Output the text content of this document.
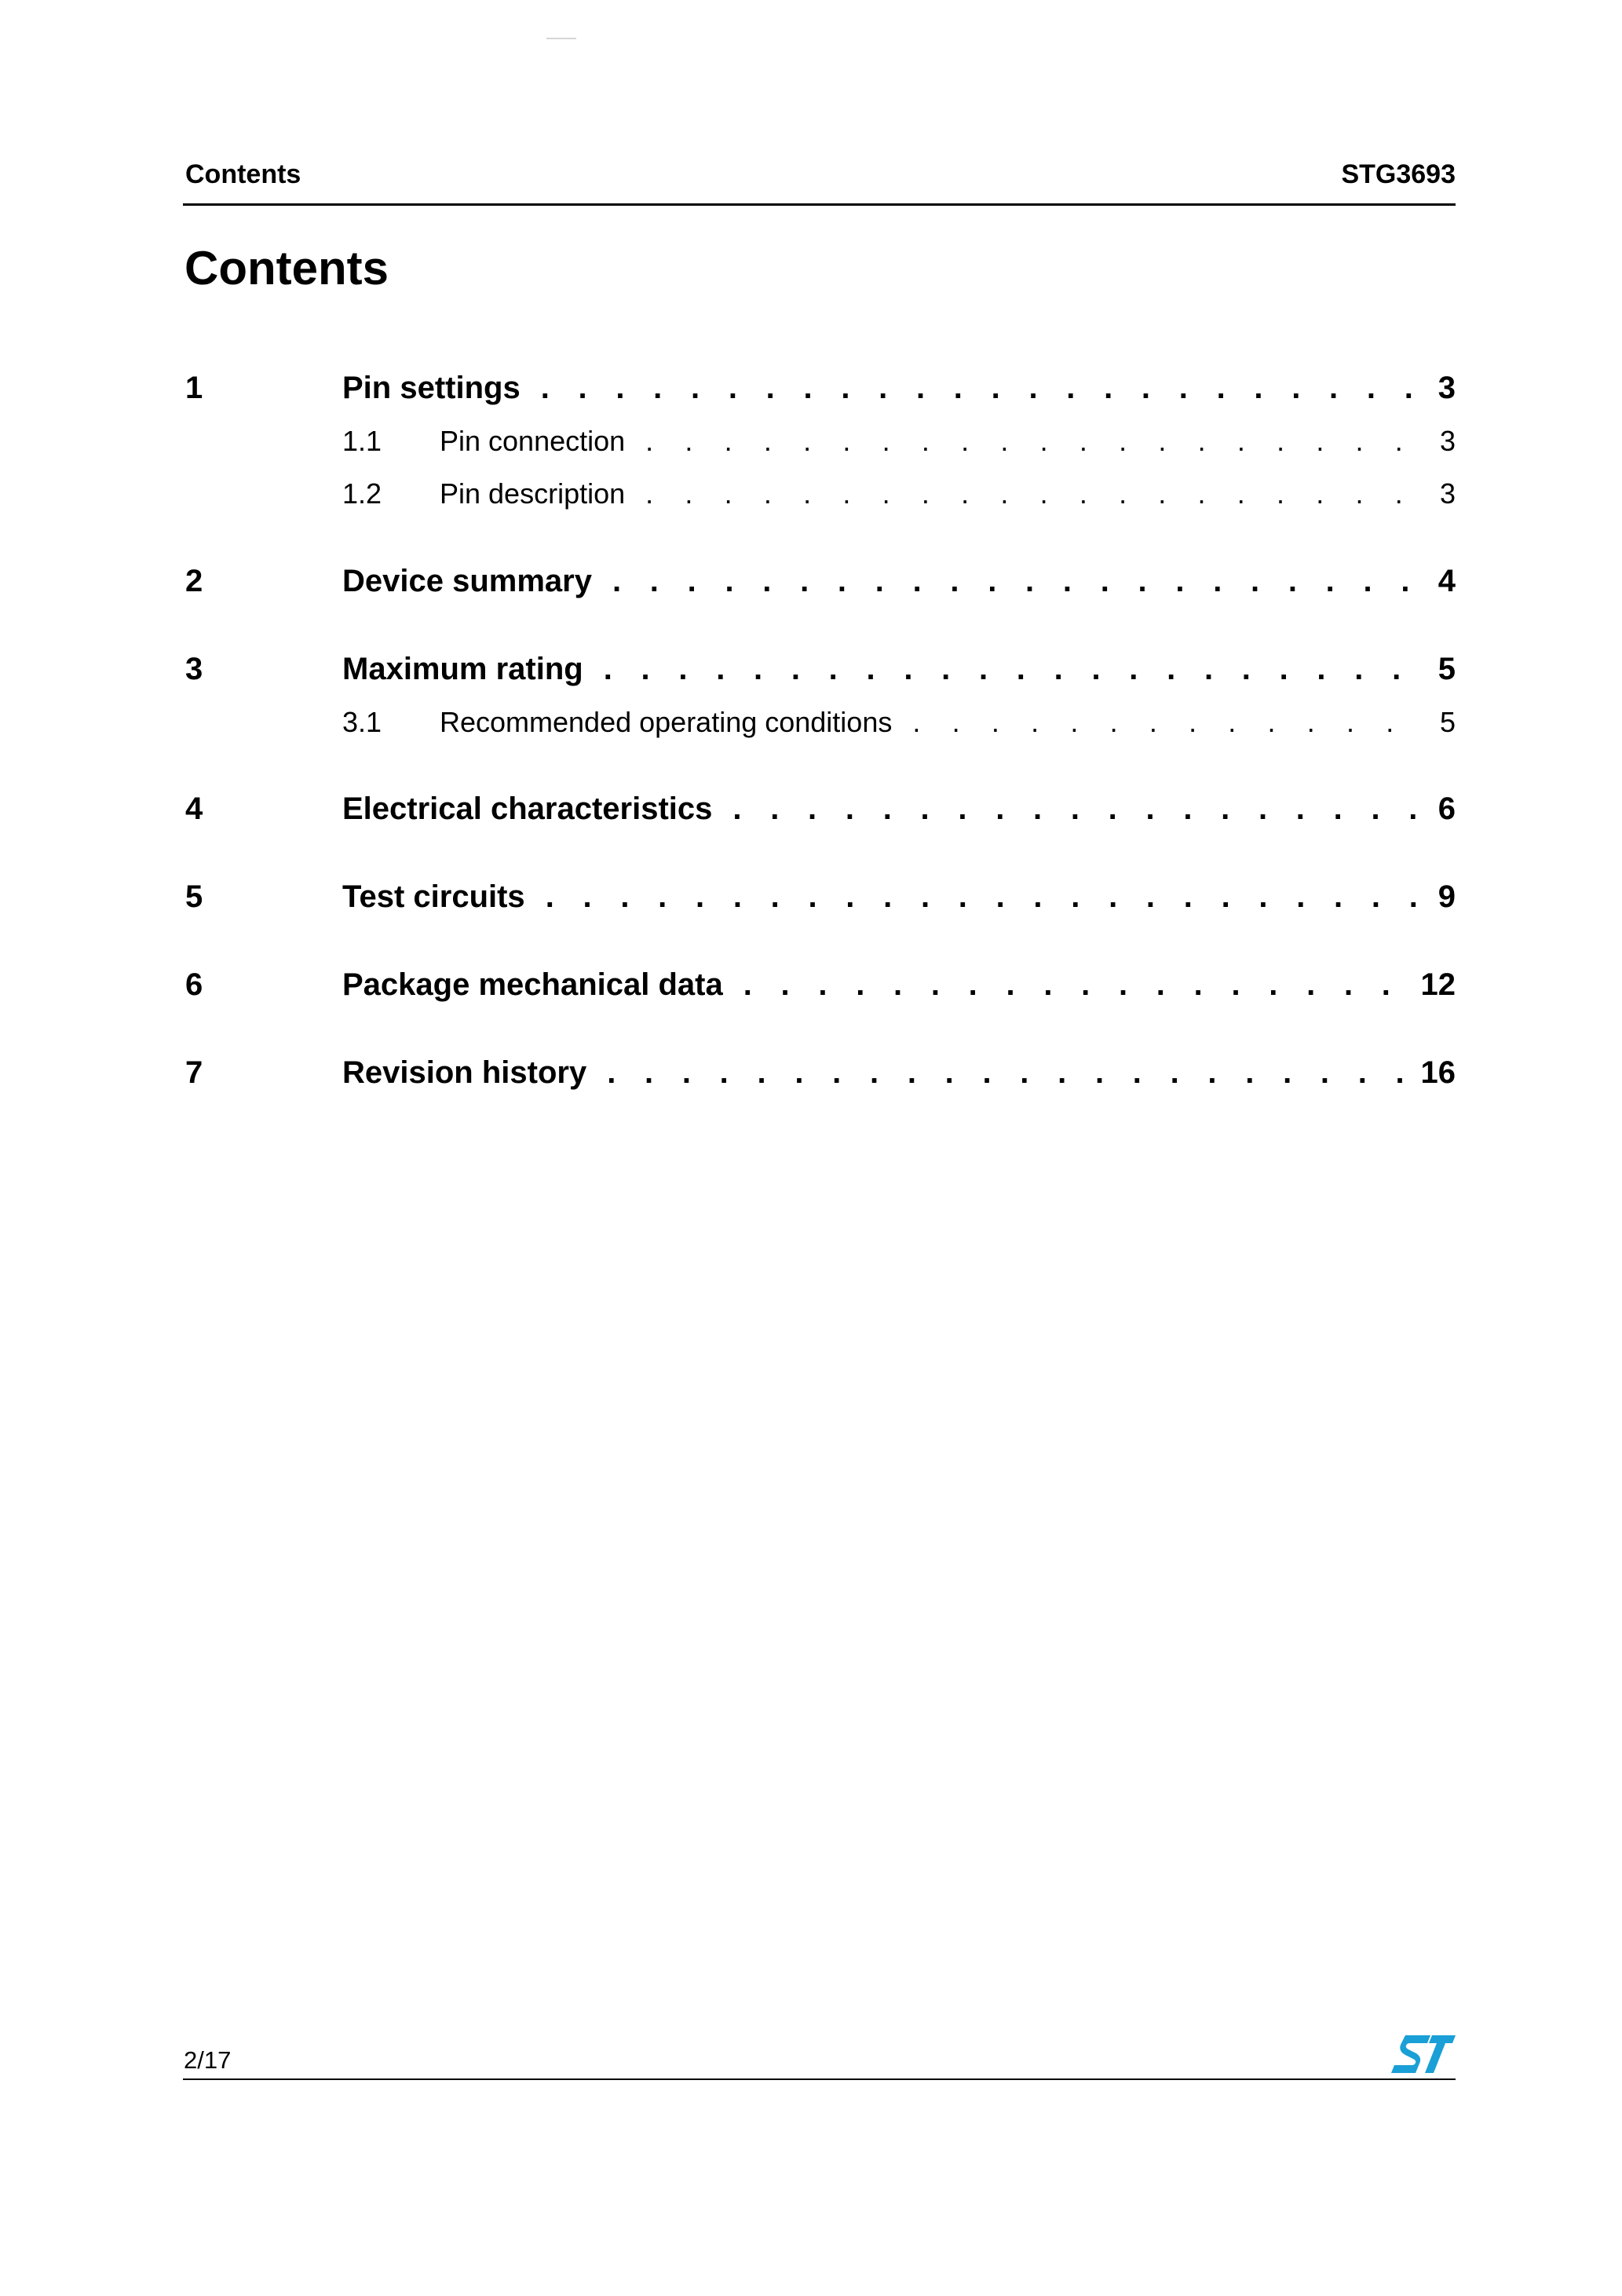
Contents	STG3693
Contents
1	Pin settings . . .	3
1.1	Pin connection . . .	3
1.2	Pin description . . .	3
2	Device summary . . .	4
3	Maximum rating . . .	5
3.1	Recommended operating conditions . . .	5
4	Electrical characteristics . . .	6
5	Test circuits . . .	9
6	Package mechanical data . . .	12
7	Revision history . . .	16
2/17
